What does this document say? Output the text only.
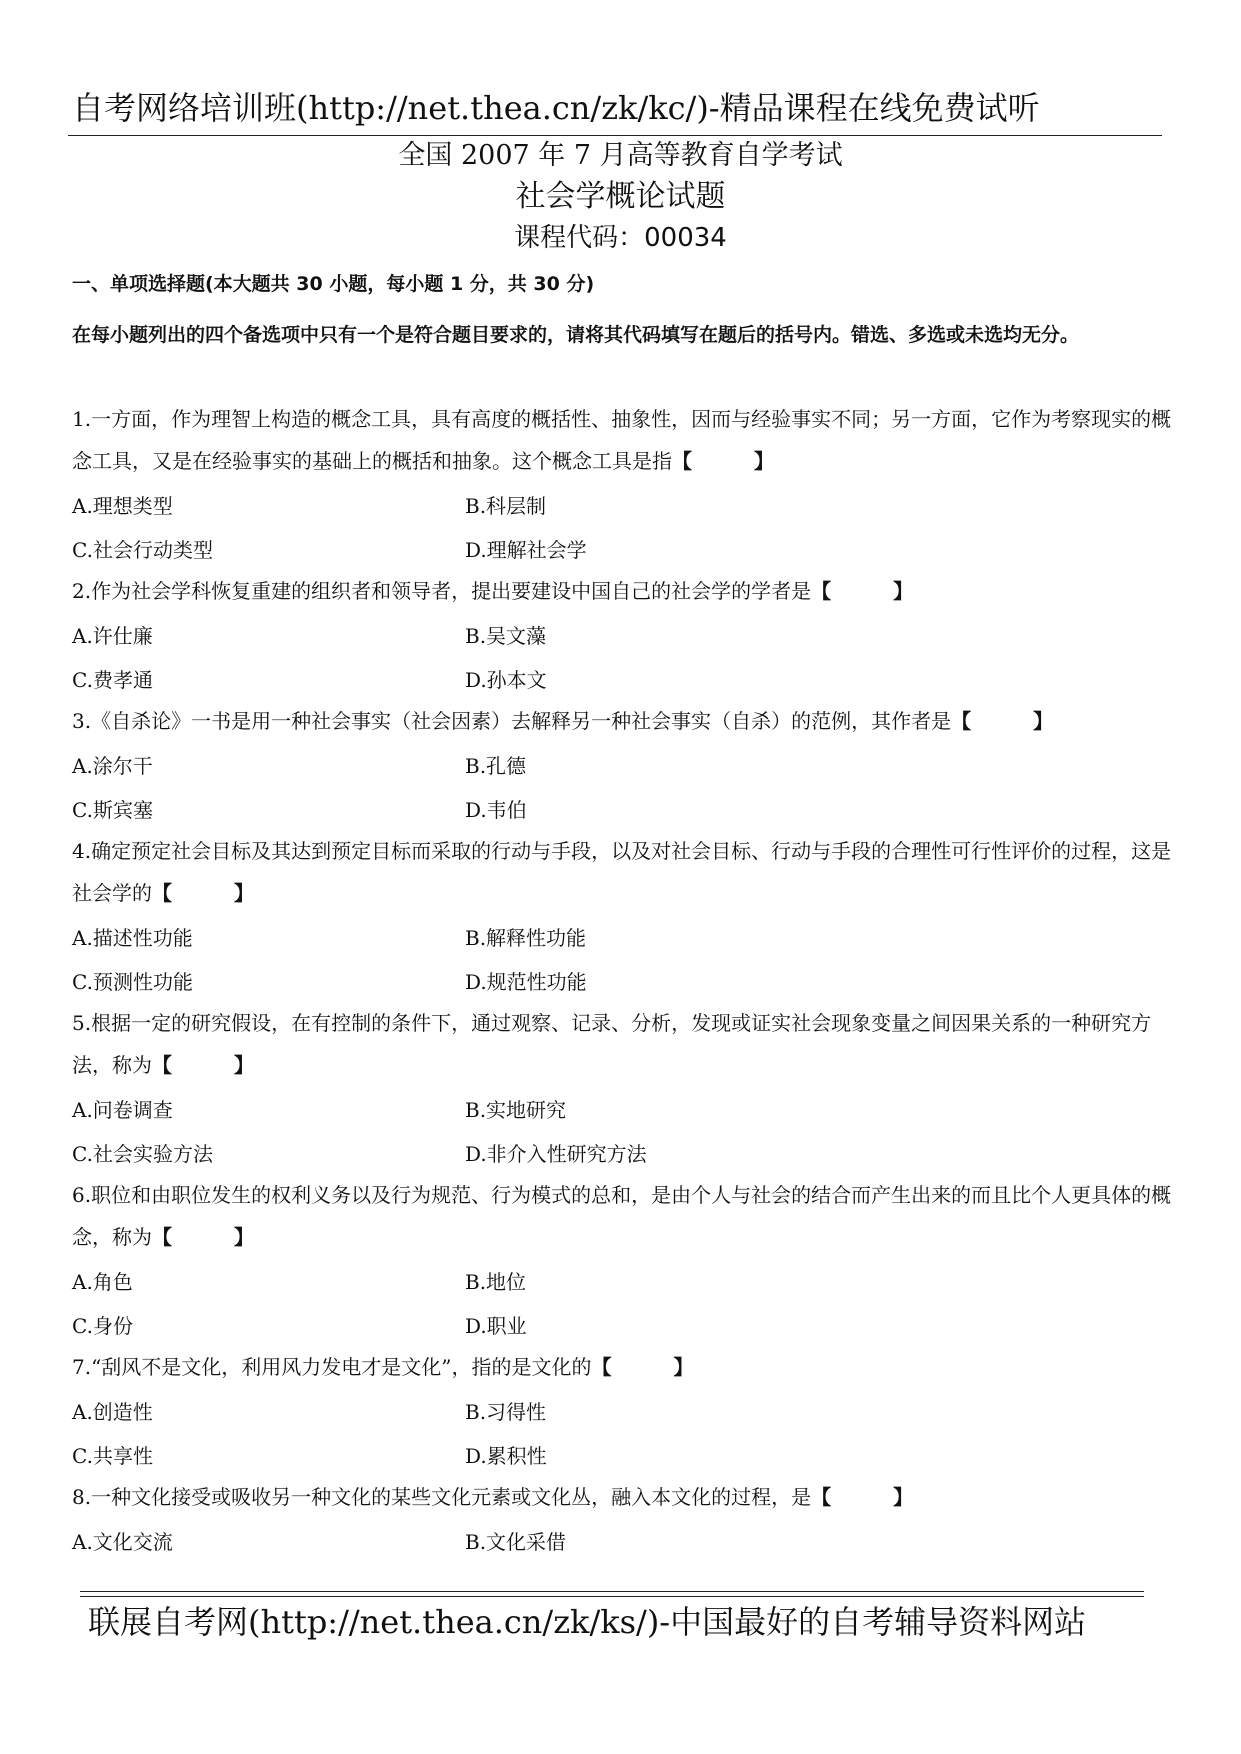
自考网络培训班(http://net.thea.cn/zk/kc/)-精品课程在线免费试听
全国 2007 年 7 月高等教育自学考试
社会学概论试题
课程代码：00034
一、单项选择题(本大题共 30 小题，每小题 1 分，共 30 分)
在每小题列出的四个备选项中只有一个是符合题目要求的，请将其代码填写在题后的括号内。错选、多选或未选均无分。

1.一方面，作为理智上构造的概念工具，具有高度的概括性、抽象性，因而与经验事实不同；另一方面，它作为考察现实的概念工具，又是在经验事实的基础上的概括和抽象。这个概念工具是指【	】

A.理想类型	B.科层制
C.社会行动类型	D.理解社会学

2.作为社会学科恢复重建的组织者和领导者，提出要建设中国自己的社会学的学者是【	】

A.许仕廉	B.吴文藻
C.费孝通	D.孙本文

3.《自杀论》一书是用一种社会事实（社会因素）去解释另一种社会事实（自杀）的范例，其作者是【	】

A.涂尔干	B.孔德
C.斯宾塞	D.韦伯

4.确定预定社会目标及其达到预定目标而采取的行动与手段，以及对社会目标、行动与手段的合理性可行性评价的过程，这是社会学的【	】

A.描述性功能	B.解释性功能
C.预测性功能	D.规范性功能

5.根据一定的研究假设，在有控制的条件下，通过观察、记录、分析，发现或证实社会现象变量之间因果关系的一种研究方法，称为【	】

A.问卷调查	B.实地研究
C.社会实验方法	D.非介入性研究方法

6.职位和由职位发生的权利义务以及行为规范、行为模式的总和，是由个人与社会的结合而产生出来的而且比个人更具体的概念，称为【	】

A.角色	B.地位
C.身份	D.职业

7.“刮风不是文化，利用风力发电才是文化”，指的是文化的【	】

A.创造性	B.习得性
C.共享性	D.累积性

8.一种文化接受或吸收另一种文化的某些文化元素或文化丛，融入本文化的过程，是【	】

A.文化交流	B.文化采借
联展自考网(http://net.thea.cn/zk/ks/)-中国最好的自考辅导资料网站
